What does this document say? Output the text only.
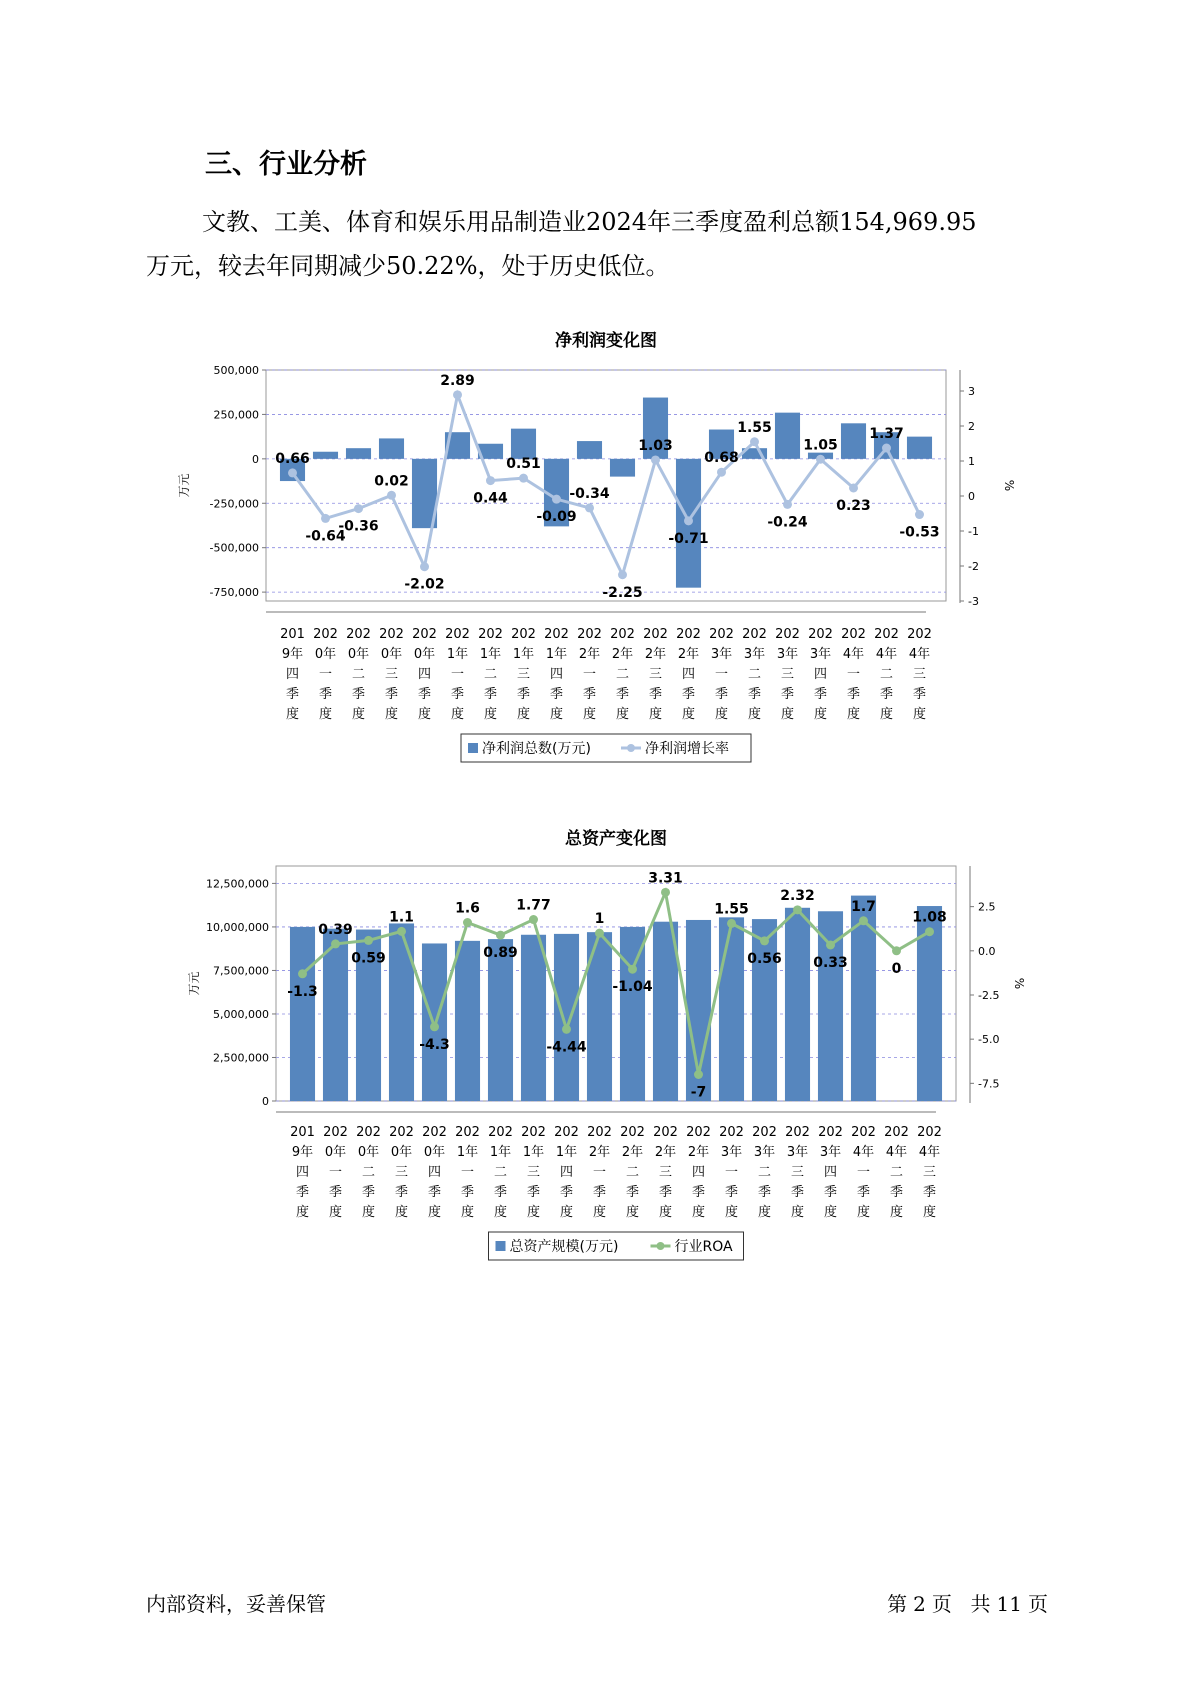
三、行业分析
文教、工美、体育和娱乐用品制造业2024年三季度盈利总额154,969.95
万元，较去年同期减少50.22%，处于历史低位。
净利润变化图
500,000
250,000
0
-250,000
-500,000
-750,000
3
2
1
0
-1
-2
-3
万元	%
0.66
-0.64
-0.36
0.02
-2.02
2.89
0.44
0.51
-0.09
-0.34
-2.25
1.03
-0.71
0.68
1.55
-0.24
1.05
0.23
1.37
-0.53
201
9年
四
季
度
202
0年
一
季
度
202
0年
二
季
度
202
0年
三
季
度
202
0年
四
季
度
202
1年
一
季
度
202
1年
二
季
度
202
1年
三
季
度
202
1年
四
季
度
202
2年
一
季
度
202
2年
二
季
度
202
2年
三
季
度
202
2年
四
季
度
202
3年
一
季
度
202
3年
二
季
度
202
3年
三
季
度
202
3年
四
季
度
202
4年
一
季
度
202
4年
二
季
度
202
4年
三
季
度
净利润总数(万元)	净利润增长率
总资产变化图
12,500,000
10,000,000
7,500,000
5,000,000
2,500,000
0
2.5
0.0
-2.5
-5.0
-7.5
万元	%
-1.3
0.39
0.59
1.1
-4.3
1.6
0.89
1.77
-4.44
1
-1.04
3.31
-7
1.55
0.56
2.32
0.33
1.7
0
1.08
201
9年
四
季
度
202
0年
一
季
度
202
0年
二
季
度
202
0年
三
季
度
202
0年
四
季
度
202
1年
一
季
度
202
1年
二
季
度
202
1年
三
季
度
202
1年
四
季
度
202
2年
一
季
度
202
2年
二
季
度
202
2年
三
季
度
202
2年
四
季
度
202
3年
一
季
度
202
3年
二
季
度
202
3年
三
季
度
202
3年
四
季
度
202
4年
一
季
度
202
4年
二
季
度
202
4年
三
季
度
总资产规模(万元)	行业ROA
内部资料，妥善保管	第 2 页 共 11 页
